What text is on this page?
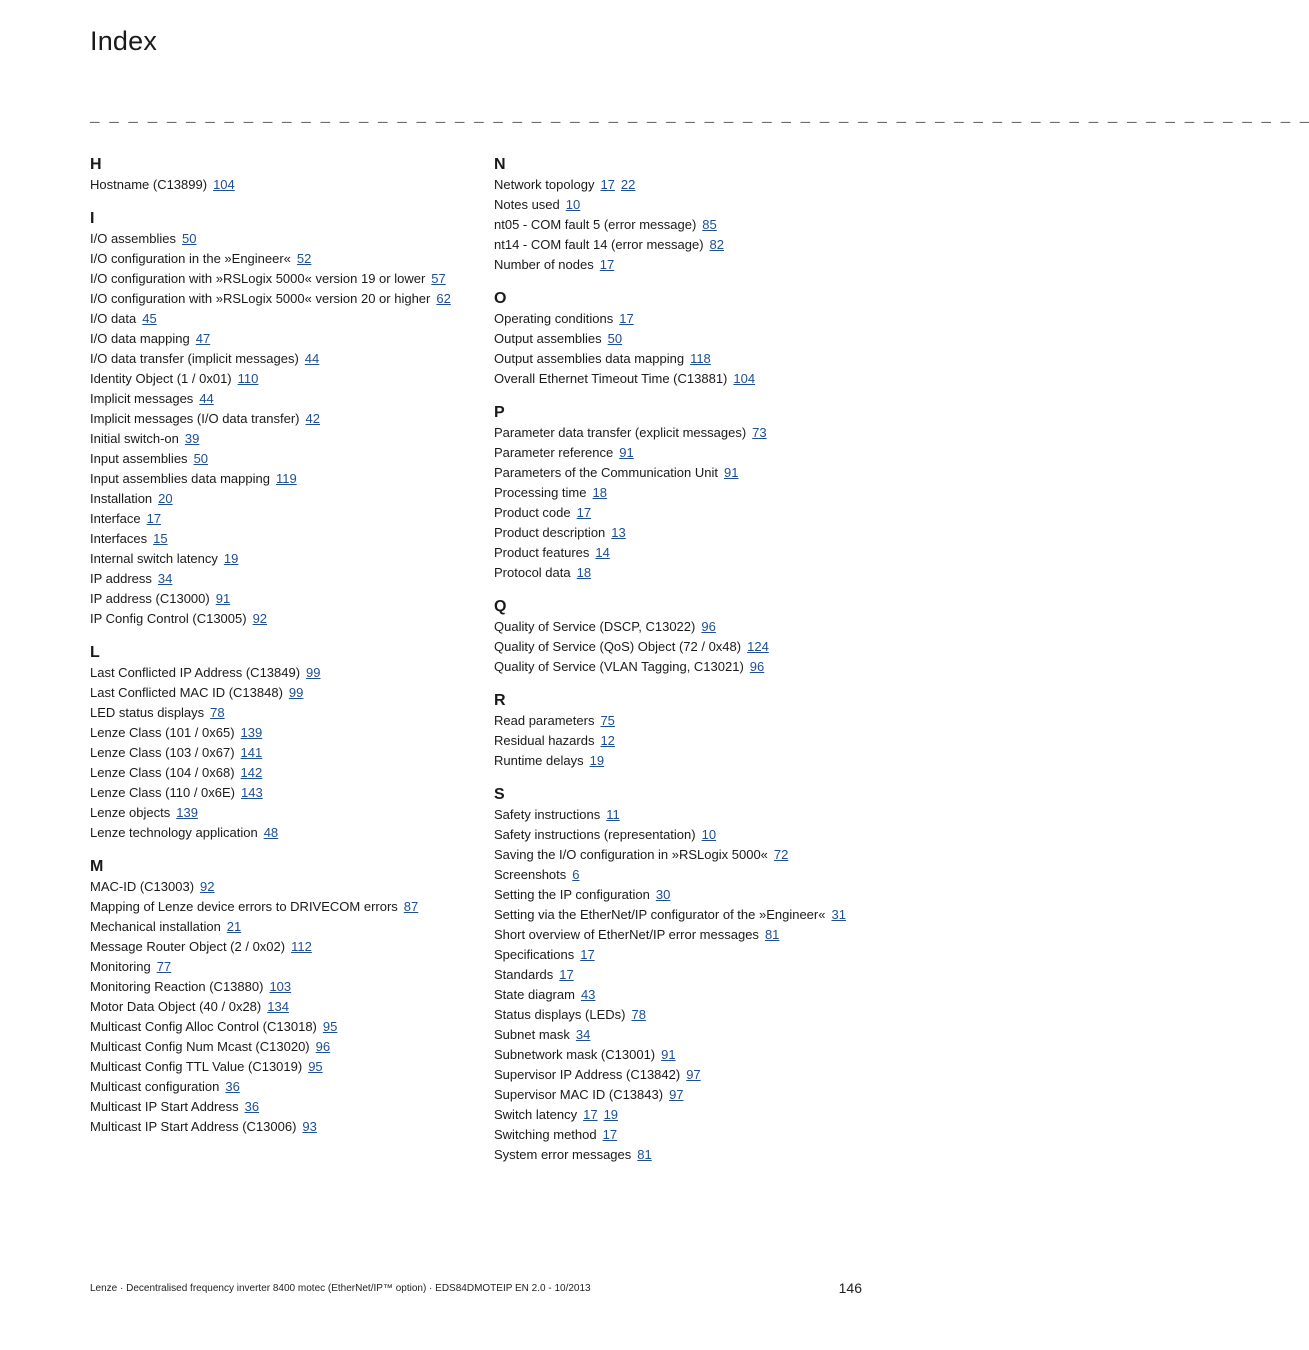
Index
_ _ _ _ _ _ _ _ _ _ _ _ _ _ _ _ _ _ _ _ _ _ _ _ _ _ _ _ _ _ _ _ _ _ _ _ _ _ _ _ _ _ _ _ _ _ _ _ _ _ _ _ _ _ _ _ _ _ _ _ _ _ _ _
H
Hostname (C13899) 104
I
I/O assemblies 50
I/O configuration in the »Engineer« 52
I/O configuration with »RSLogix 5000« version 19 or lower 57
I/O configuration with »RSLogix 5000« version 20 or higher 62
I/O data 45
I/O data mapping 47
I/O data transfer (implicit messages) 44
Identity Object (1 / 0x01) 110
Implicit messages 44
Implicit messages (I/O data transfer) 42
Initial switch-on 39
Input assemblies 50
Input assemblies data mapping 119
Installation 20
Interface 17
Interfaces 15
Internal switch latency 19
IP address 34
IP address (C13000) 91
IP Config Control (C13005) 92
L
Last Conflicted IP Address (C13849) 99
Last Conflicted MAC ID (C13848) 99
LED status displays 78
Lenze Class (101 / 0x65) 139
Lenze Class (103 / 0x67) 141
Lenze Class (104 / 0x68) 142
Lenze Class (110 / 0x6E) 143
Lenze objects 139
Lenze technology application 48
M
MAC-ID (C13003) 92
Mapping of Lenze device errors to DRIVECOM errors 87
Mechanical installation 21
Message Router Object (2 / 0x02) 112
Monitoring 77
Monitoring Reaction (C13880) 103
Motor Data Object (40 / 0x28) 134
Multicast Config Alloc Control (C13018) 95
Multicast Config Num Mcast (C13020) 96
Multicast Config TTL Value (C13019) 95
Multicast configuration 36
Multicast IP Start Address 36
Multicast IP Start Address (C13006) 93
N
Network topology 17 22
Notes used 10
nt05 - COM fault 5 (error message) 85
nt14 - COM fault 14 (error message) 82
Number of nodes 17
O
Operating conditions 17
Output assemblies 50
Output assemblies data mapping 118
Overall Ethernet Timeout Time (C13881) 104
P
Parameter data transfer (explicit messages) 73
Parameter reference 91
Parameters of the Communication Unit 91
Processing time 18
Product code 17
Product description 13
Product features 14
Protocol data 18
Q
Quality of Service (DSCP, C13022) 96
Quality of Service (QoS) Object (72 / 0x48) 124
Quality of Service (VLAN Tagging, C13021) 96
R
Read parameters 75
Residual hazards 12
Runtime delays 19
S
Safety instructions 11
Safety instructions (representation) 10
Saving the I/O configuration in »RSLogix 5000« 72
Screenshots 6
Setting the IP configuration 30
Setting via the EtherNet/IP configurator of the »Engineer« 31
Short overview of EtherNet/IP error messages 81
Specifications 17
Standards 17
State diagram 43
Status displays (LEDs) 78
Subnet mask 34
Subnetwork mask (C13001) 91
Supervisor IP Address (C13842) 97
Supervisor MAC ID (C13843) 97
Switch latency 17 19
Switching method 17
System error messages 81
Lenze · Decentralised frequency inverter 8400 motec (EtherNet/IP™ option) · EDS84DMOTEIP EN 2.0 - 10/2013	146
